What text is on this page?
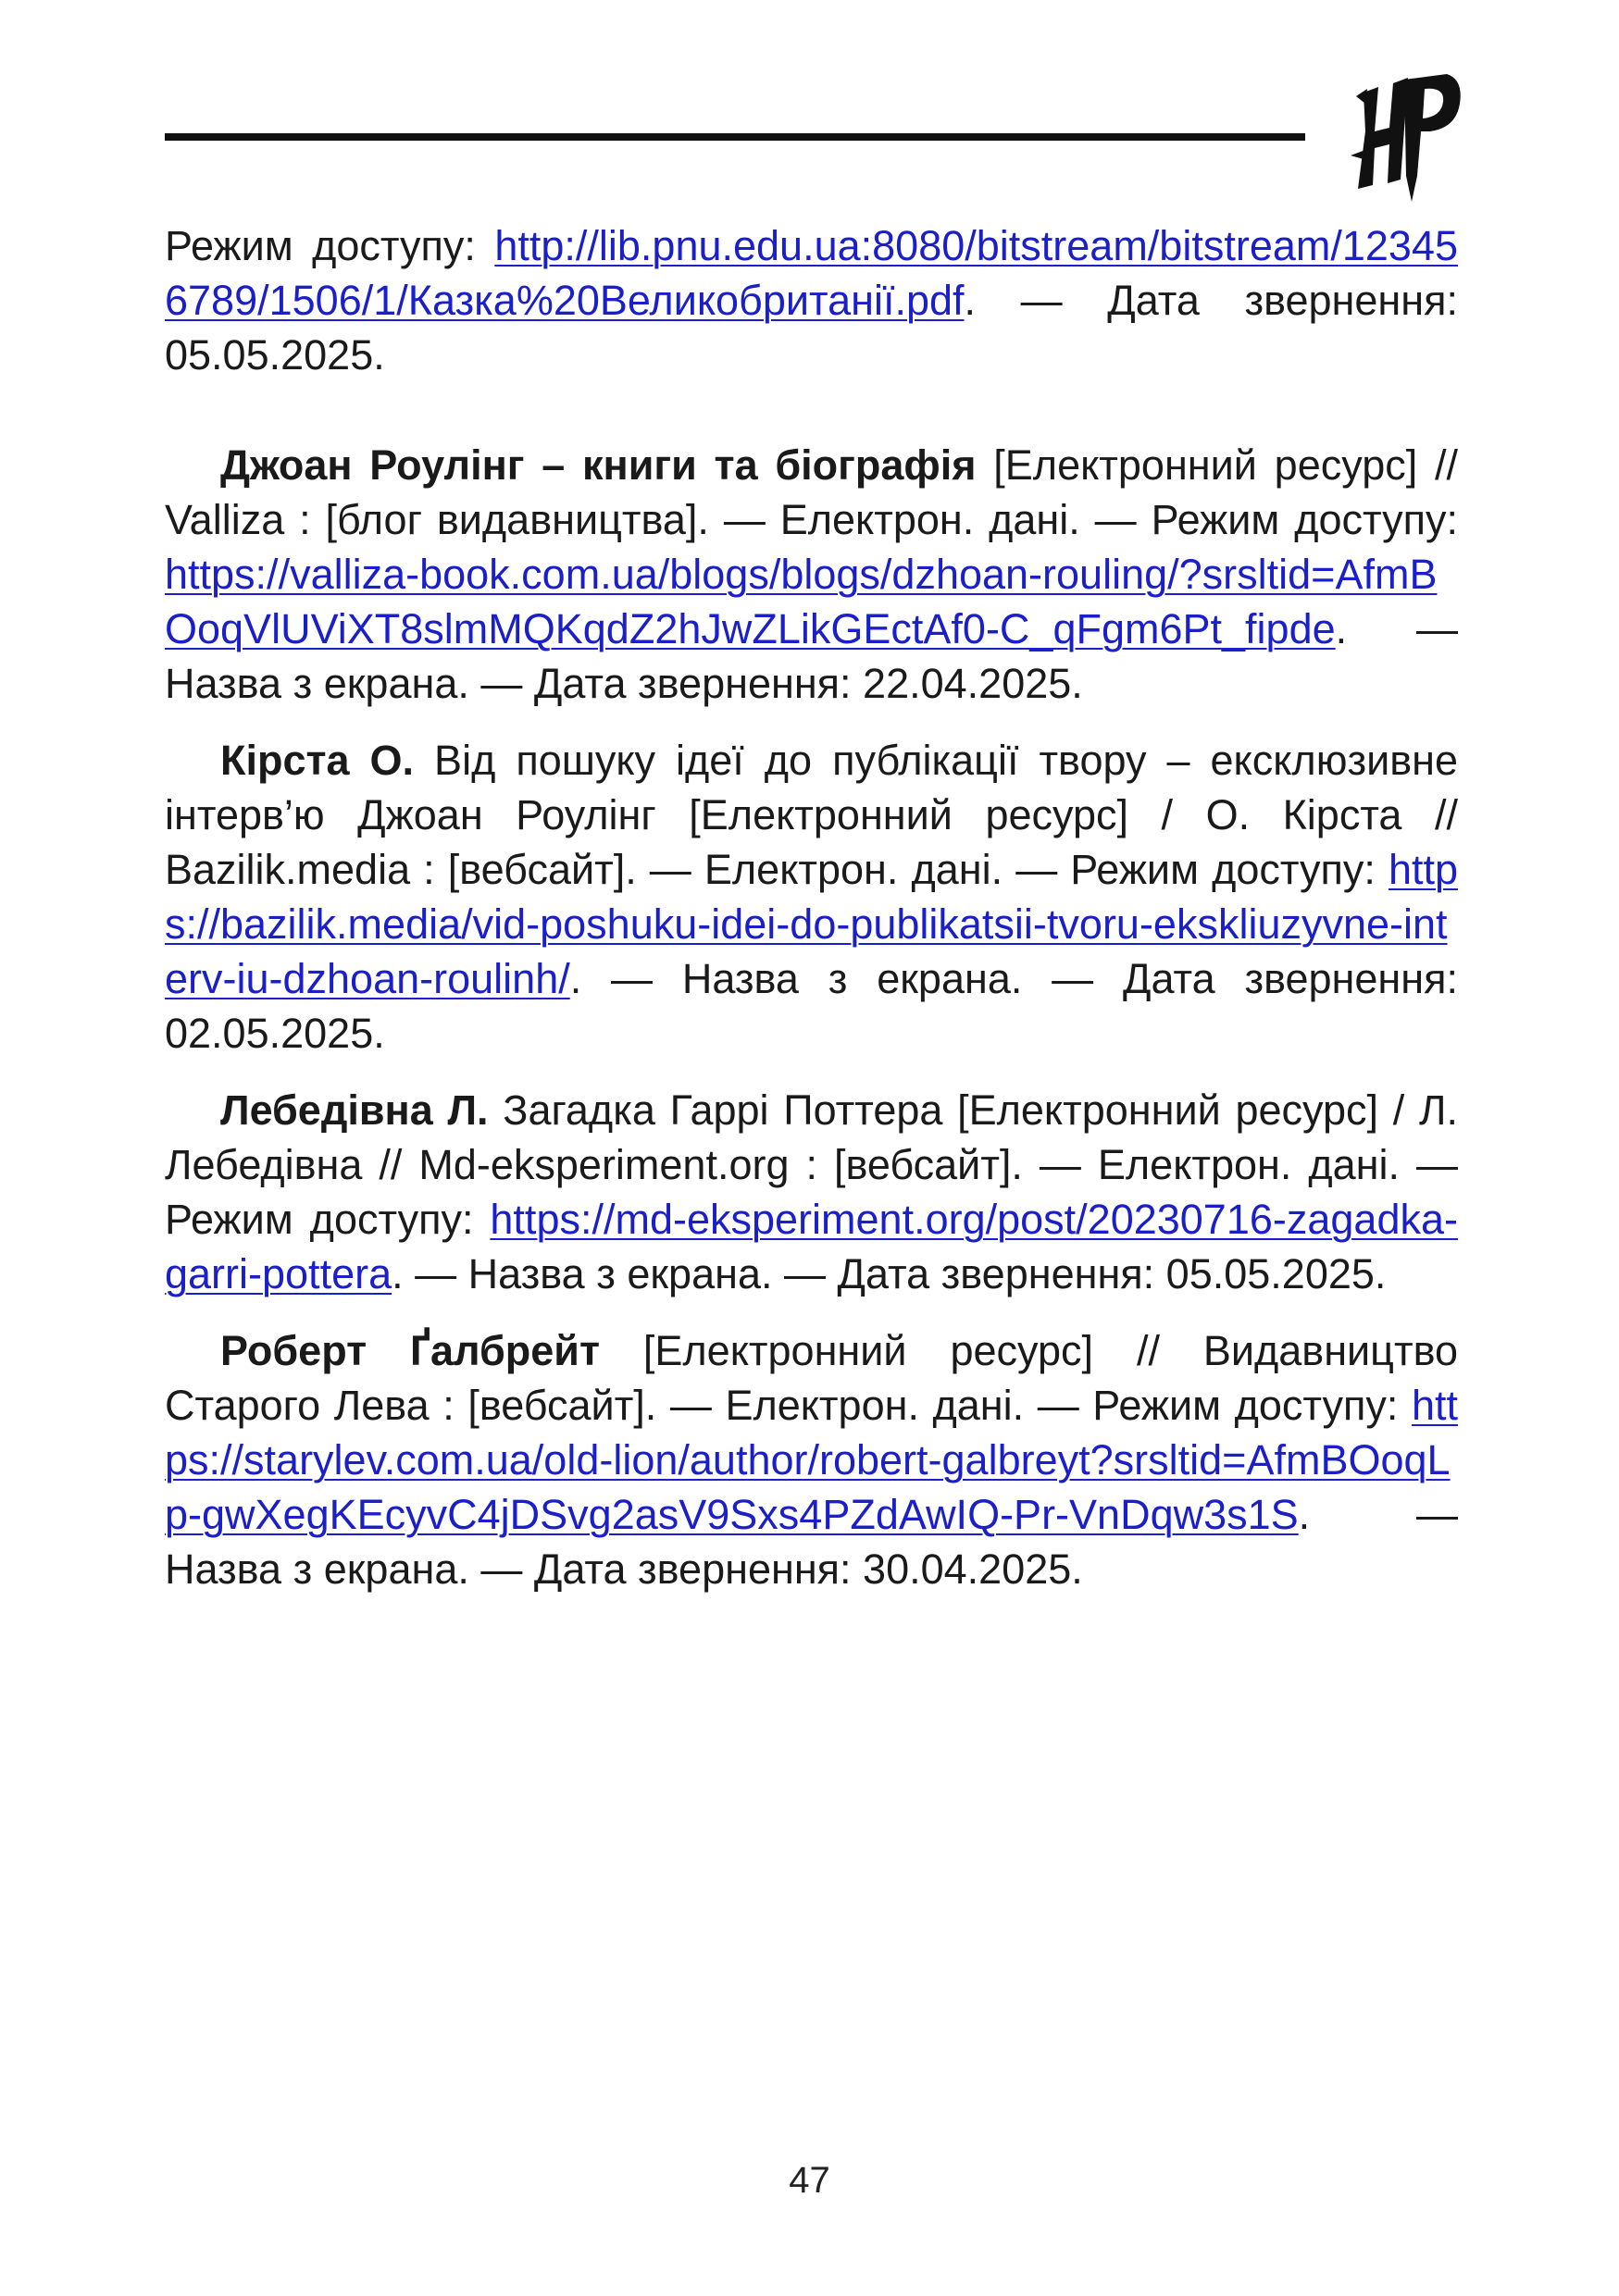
Режим доступу: http://lib.pnu.edu.ua:8080/bitstream/bitstream/123456789/1506/1/Казка%20Великобританії.pdf. — Дата звернення: 05.05.2025.

Джоан Роулінг – книги та біографія [Електронний ресурс] // Valliza : [блог видавництва]. — Електрон. дані. — Режим доступу: https://valliza-book.com.ua/blogs/blogs/dzhoan-rouling/?srsltid=AfmBOoqVlUViXT8slmMQKqdZ2hJwZLikGEctAf0-C_qFgm6Pt_fipde. — Назва з екрана. — Дата звернення: 22.04.2025.

Кірста О. Від пошуку ідеї до публікації твору – ексклюзивне інтерв’ю Джоан Роулінг [Електронний ресурс] / О. Кірста // Bazilik.media : [вебсайт]. — Електрон. дані. — Режим доступу: https://bazilik.media/vid-poshuku-idei-do-publikatsii-tvoru-ekskliuzyvne-interv-iu-dzhoan-roulinh/. — Назва з екрана. — Дата звернення: 02.05.2025.

Лебедівна Л. Загадка Гаррі Поттера [Електронний ресурс] / Л. Лебедівна // Md-eksperiment.org : [вебсайт]. — Електрон. дані. — Режим доступу: https://md-eksperiment.org/post/20230716-zagadka-garri-pottera. — Назва з екрана. — Дата звернення: 05.05.2025.

Роберт Ґалбрейт [Електронний ресурс] // Видавництво Старого Лева : [вебсайт]. — Електрон. дані. — Режим доступу: https://starylev.com.ua/old-lion/author/robert-galbreyt?srsltid=AfmBOoqLp-gwXegKEcyvC4jDSvg2asV9Sxs4PZdAwIQ-Pr-VnDqw3s1S. — Назва з екрана. — Дата звернення: 30.04.2025.

47
